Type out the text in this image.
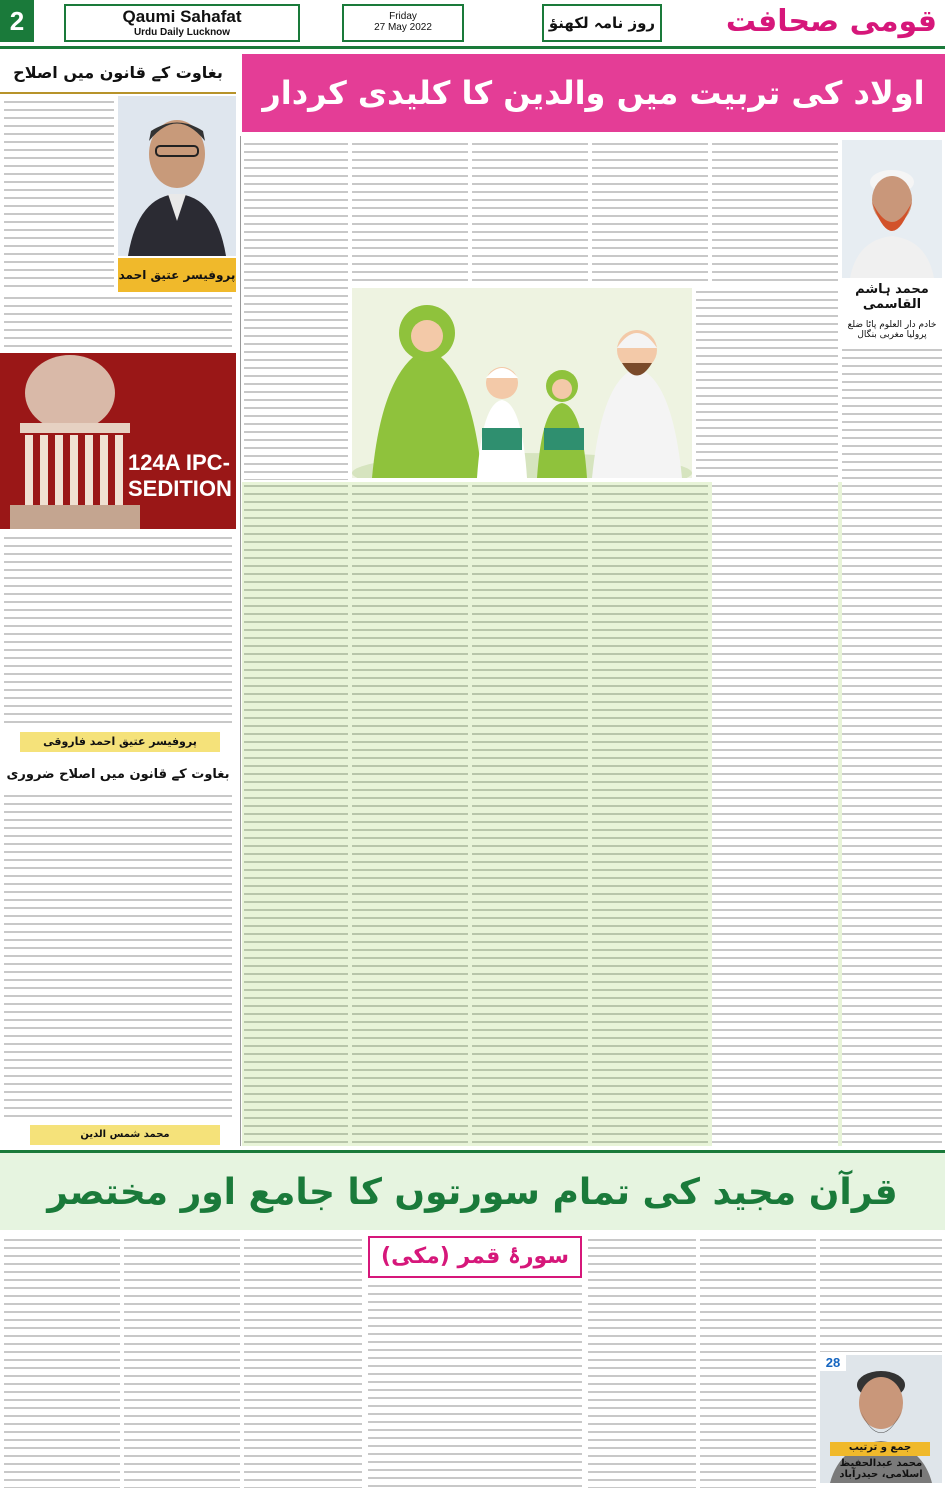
2	Qaumi Sahafat
Urdu Daily Lucknow
Friday
27 May 2022	روز نامہ لکھنؤ	قومی صحافت
بغاوت کے قانون میں اصلاح
پروفیسر عتیق احمد
124A IPC-SEDITION
پروفیسر عتیق احمد فاروقی
بغاوت کے قانون میں اصلاح ضروری
محمد شمس الدین
اولاد کی تربیت میں والدین کا کلیدی کردار
محمد ہاشم القاسمی
خادم دار العلوم پاٹا ضلع پرولیا مغربی بنگال
قرآن مجید کی تمام سورتوں کا جامع اور مختصر
سورۂ قمر (مکی)
28
جمع و ترتیب
محمد عبدالحفیظ اسلامی، حیدرآباد
